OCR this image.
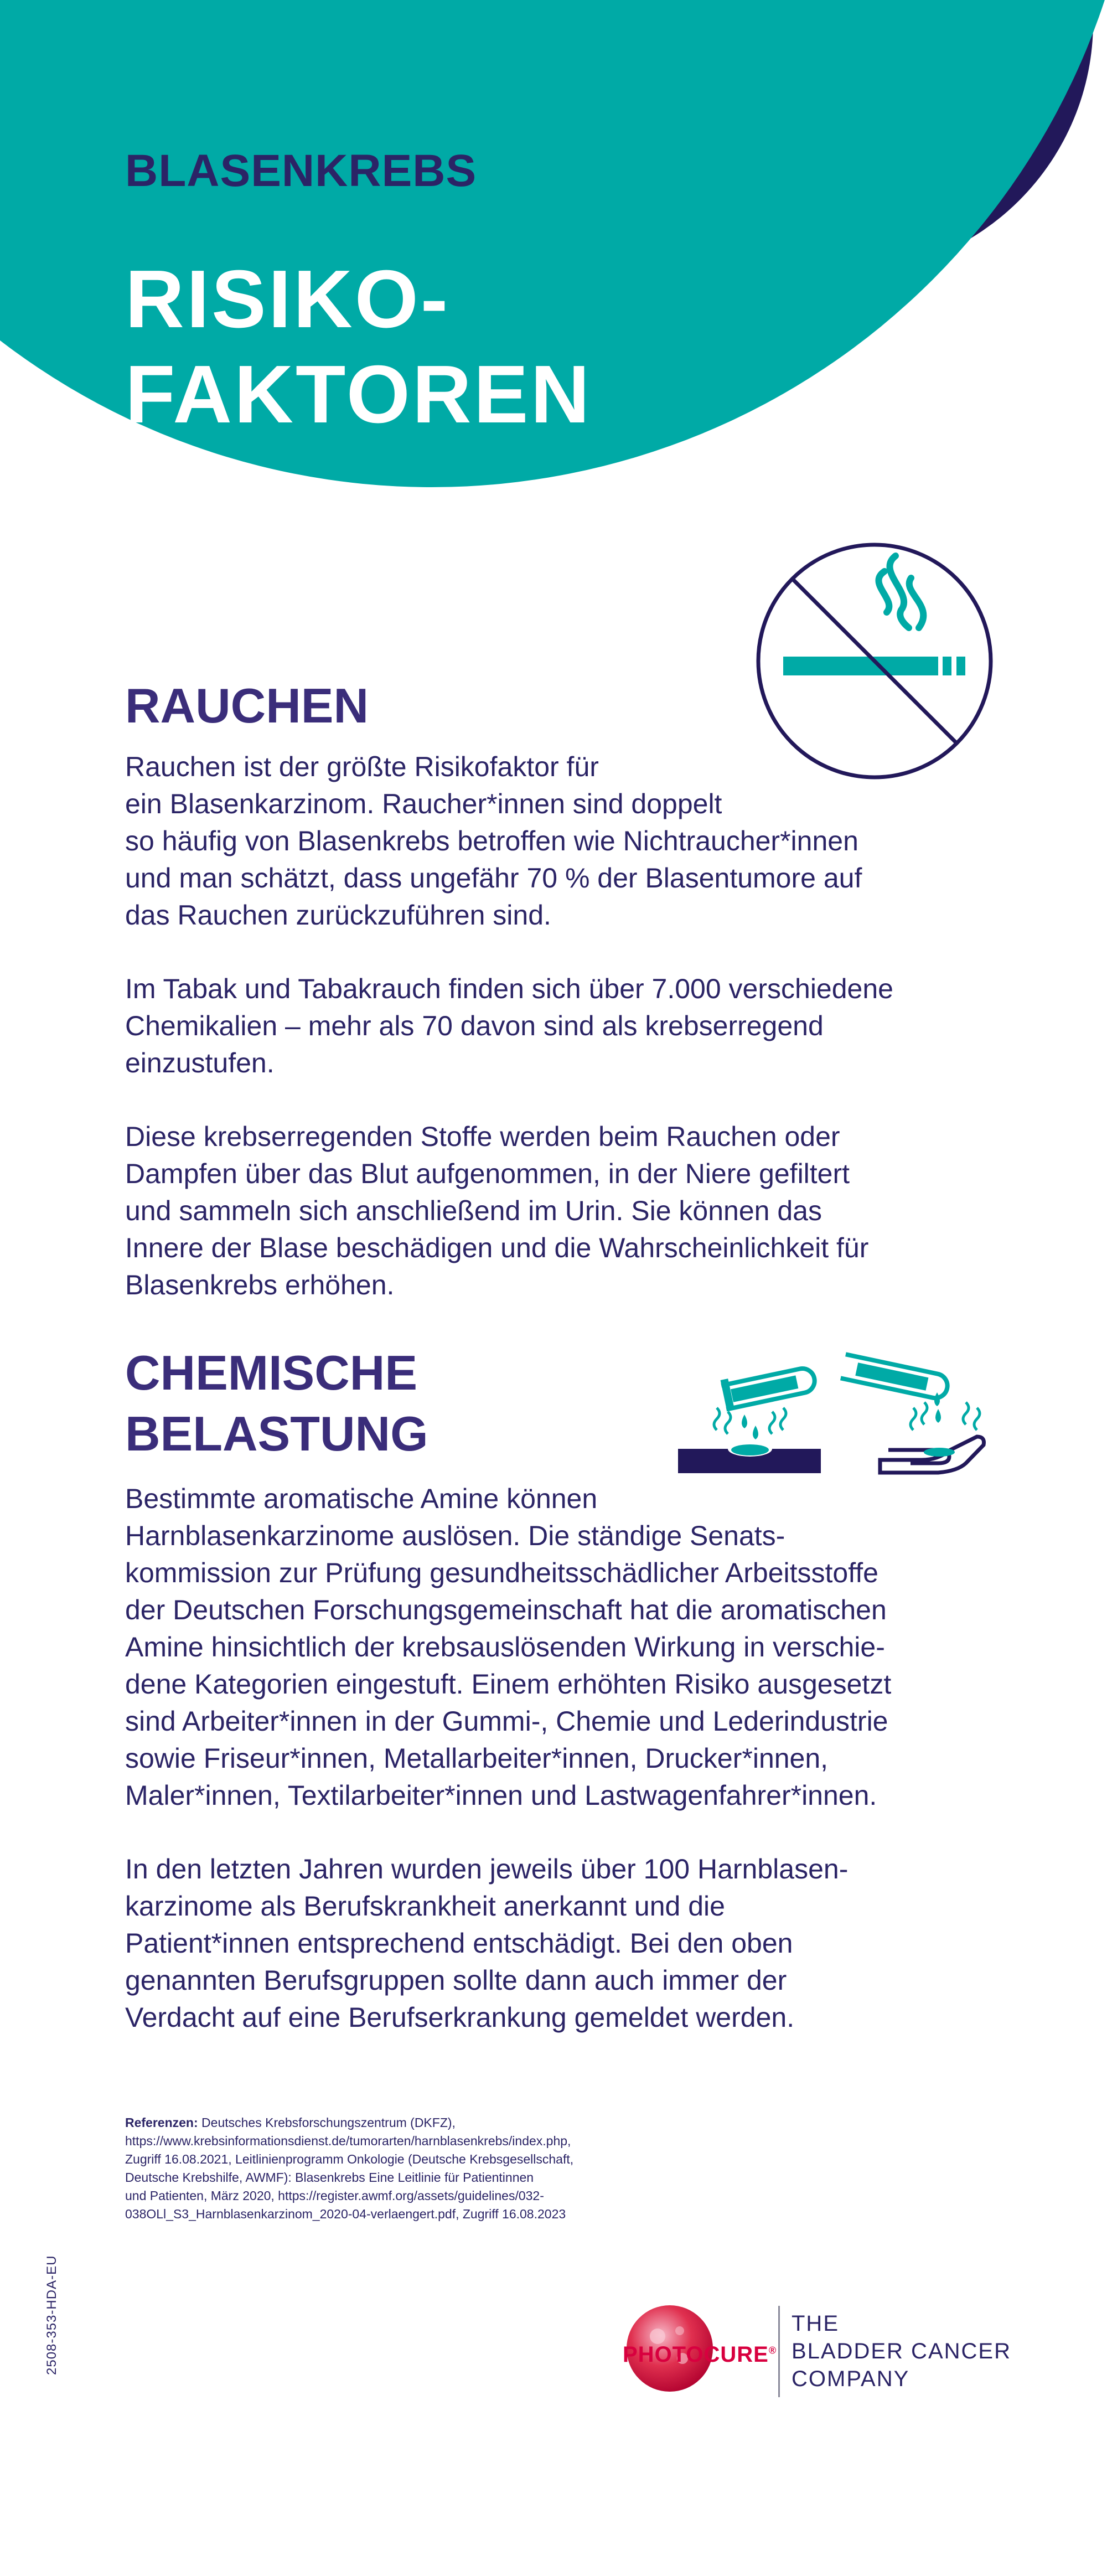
BLASENKREBS
RISIKO-
FAKTOREN
RAUCHEN

Rauchen ist der größte Risikofaktor für
ein Blasenkarzinom. Raucher*innen sind doppelt
so häufig von Blasenkrebs betroffen wie Nichtraucher*innen
und man schätzt, dass ungefähr 70 % der Blasentumore auf
das Rauchen zurückzuführen sind.

Im Tabak und Tabakrauch finden sich über 7.000 verschiedene
Chemikalien – mehr als 70 davon sind als krebserregend
einzustufen.

Diese krebserregenden Stoffe werden beim Rauchen oder
Dampfen über das Blut aufgenommen, in der Niere gefiltert
und sammeln sich anschließend im Urin. Sie können das
Innere der Blase beschädigen und die Wahrscheinlichkeit für
Blasenkrebs erhöhen.

CHEMISCHE
BELASTUNG

Bestimmte aromatische Amine können
Harnblasenkarzinome auslösen. Die ständige Senats-
kommission zur Prüfung gesundheitsschädlicher Arbeitsstoffe
der Deutschen Forschungsgemeinschaft hat die aromatischen
Amine hinsichtlich der krebsauslösenden Wirkung in verschie-
dene Kategorien eingestuft. Einem erhöhten Risiko ausgesetzt
sind Arbeiter*innen in der Gummi-, Chemie und Lederindustrie
sowie Friseur*innen, Metallarbeiter*innen, Drucker*innen,
Maler*innen, Textilarbeiter*innen und Lastwagenfahrer*innen.

In den letzten Jahren wurden jeweils über 100 Harnblasen-
karzinome als Berufskrankheit anerkannt und die
Patient*innen entsprechend entschädigt. Bei den oben
genannten Berufsgruppen sollte dann auch immer der
Verdacht auf eine Berufserkrankung gemeldet werden.

Referenzen: Deutsches Krebsforschungszentrum (DKFZ),
https://www.krebsinformationsdienst.de/tumorarten/harnblasenkrebs/index.php,
Zugriff 16.08.2021, Leitlinienprogramm Onkologie (Deutsche Krebsgesellschaft,
Deutsche Krebshilfe, AWMF): Blasenkrebs Eine Leitlinie für Patientinnen
und Patienten, März 2020, https://register.awmf.org/assets/guidelines/032-
038OLl_S3_Harnblasenkarzinom_2020-04-verlaengert.pdf, Zugriff 16.08.2023
2508-353-HDA-EU	PHOTOCURE®
THE
BLADDER CANCER
COMPANY
